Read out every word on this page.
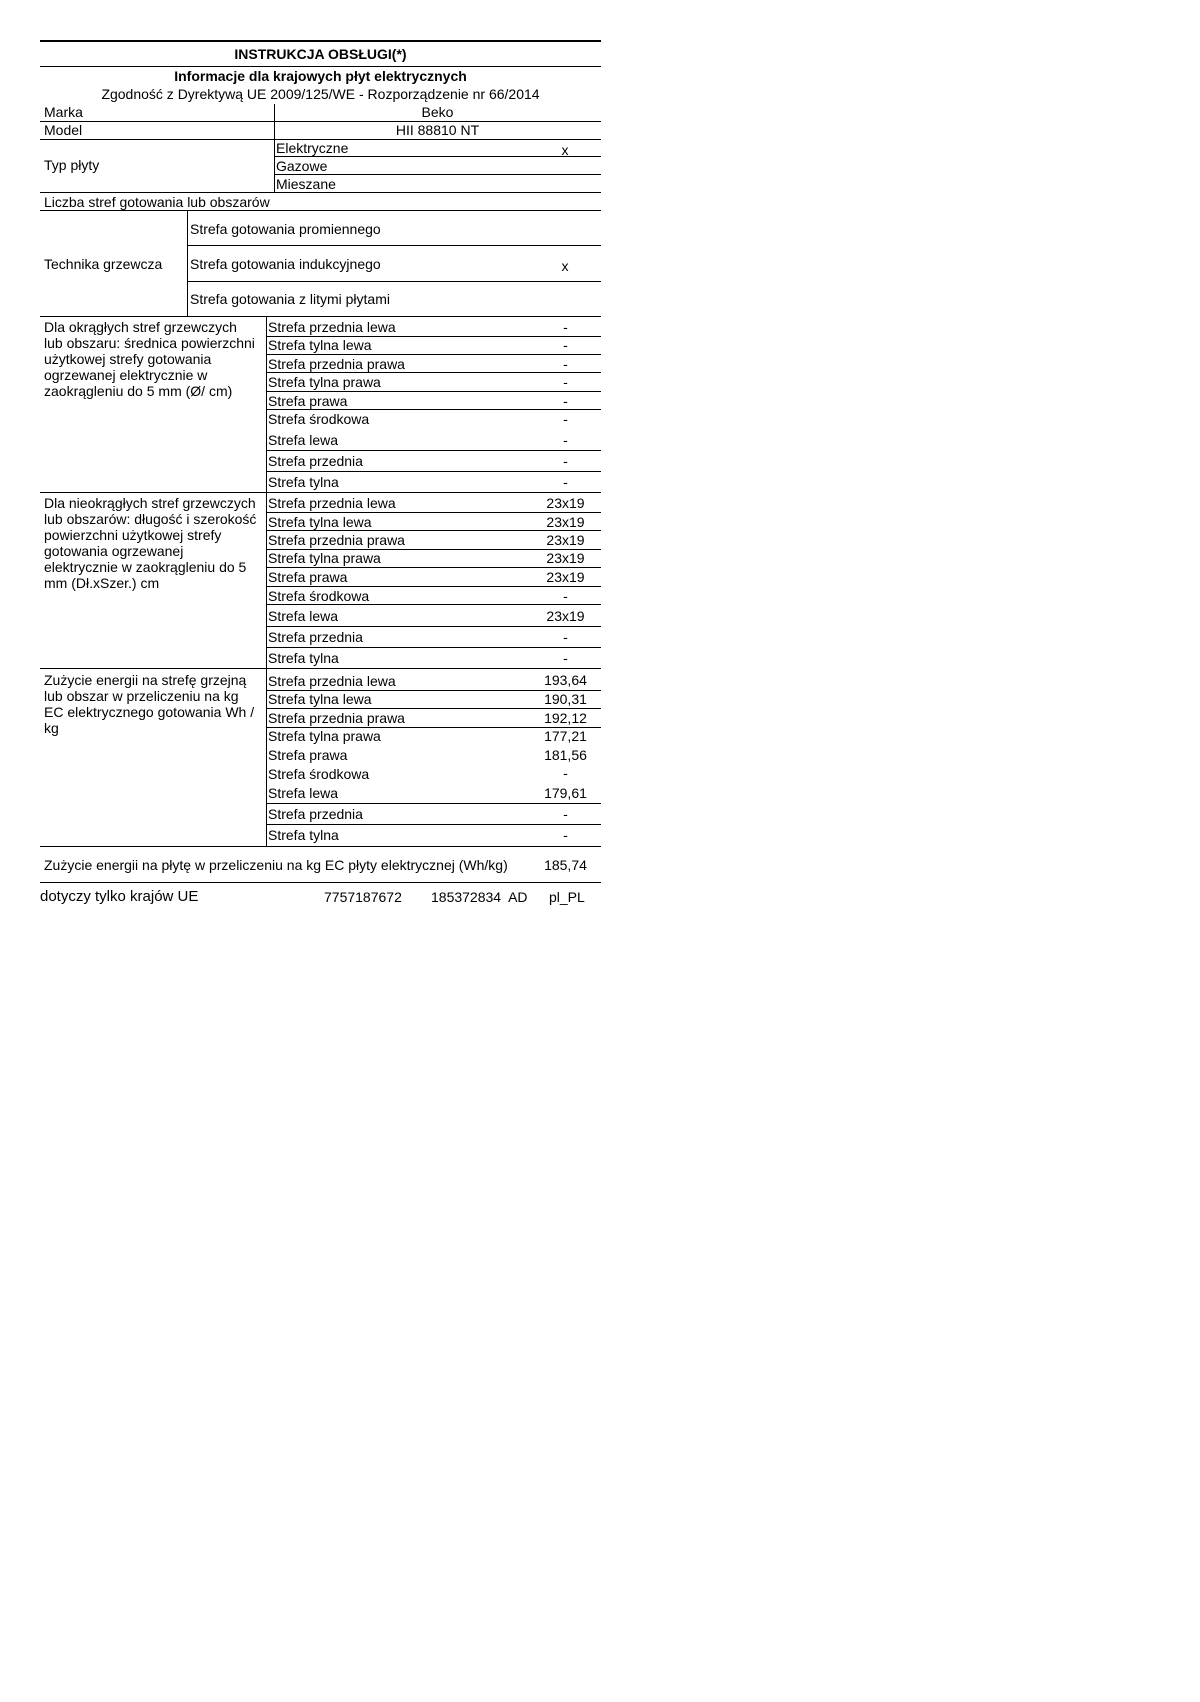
INSTRUKCJA OBSŁUGI(*)
Informacje dla krajowych płyt elektrycznych
Zgodność z Dyrektywą UE 2009/125/WE - Rozporządzenie nr 66/2014
Marka	Beko
Model	HII 88810 NT
Typ płyty
Elektryczne	x
Gazowe
Mieszane
Liczba stref gotowania lub obszarów
Technika grzewcza
Strefa gotowania promiennego
Strefa gotowania indukcyjnego	x
Strefa gotowania z litymi płytami
Dla okrągłych stref grzewczych
lub obszaru: średnica powierzchni
użytkowej strefy gotowania
ogrzewanej elektrycznie w
zaokrągleniu do 5 mm (Ø/ cm)
Strefa przednia lewa	-
Strefa tylna lewa	-
Strefa przednia prawa	-
Strefa tylna prawa	-
Strefa prawa	-
Strefa środkowa	-
Strefa lewa	-
Strefa przednia	-
Strefa tylna	-
Dla nieokrągłych stref grzewczych
lub obszarów: długość i szerokość
powierzchni użytkowej strefy
gotowania ogrzewanej
elektrycznie w zaokrągleniu do 5
mm (Dł.xSzer.) cm
Strefa przednia lewa	23x19
Strefa tylna lewa	23x19
Strefa przednia prawa	23x19
Strefa tylna prawa	23x19
Strefa prawa	23x19
Strefa środkowa	-
Strefa lewa	23x19
Strefa przednia	-
Strefa tylna	-
Zużycie energii na strefę grzejną
lub obszar w przeliczeniu na kg
EC elektrycznego gotowania Wh /
kg
Strefa przednia lewa	193,64
Strefa tylna lewa	190,31
Strefa przednia prawa	192,12
Strefa tylna prawa	177,21
Strefa prawa	181,56
Strefa środkowa	-
Strefa lewa	179,61
Strefa przednia	-
Strefa tylna	-
Zużycie energii na płytę w przeliczeniu na kg EC płyty elektrycznej (Wh/kg)	185,74
dotyczy tylko krajów UE	7757187672 185372834  AD pl_PL
